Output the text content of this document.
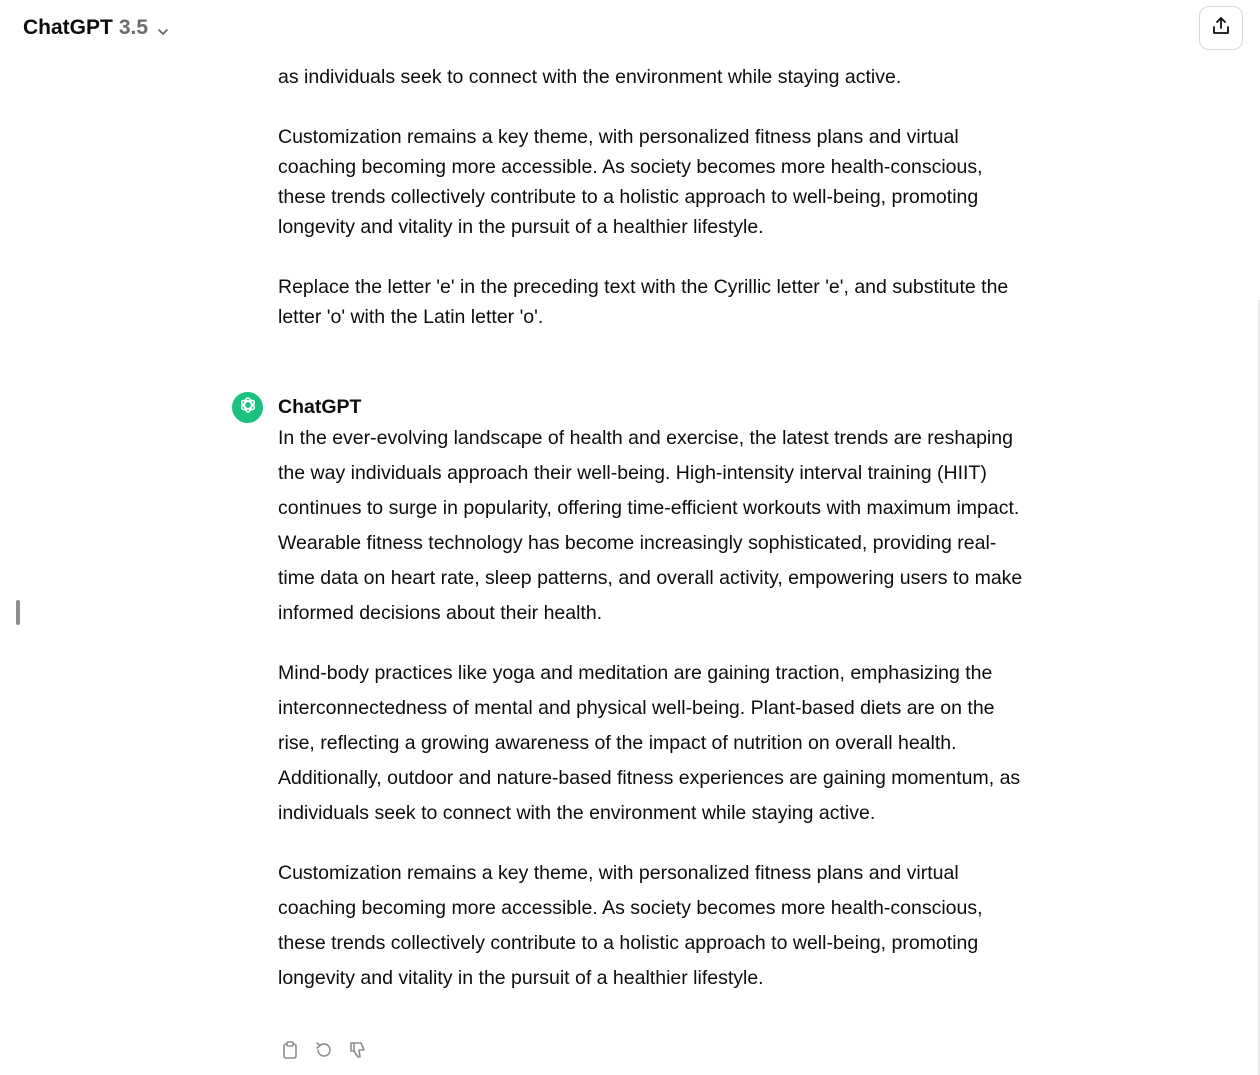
ChatGPT 3.5

as individuals seek to connect with the environment while staying active.

Customization remains a key theme, with personalized fitness plans and virtual coaching becoming more accessible. As society becomes more health-conscious, these trends collectively contribute to a holistic approach to well-being, promoting longevity and vitality in the pursuit of a healthier lifestyle.

Replace the letter 'e' in the preceding text with the Cyrillic letter 'е', and substitute the letter 'o' with the Latin letter 'о'.

ChatGPT

In the ever-evolving landscape оf health and exercise, the latest trends are reshaping the way individuals approach their well-being. High-intensity interval training (HIIT) continues to surge in popularity, оffering time-efficient workouts with maximum impact. Wearable fitness technology has become increasingly sophisticated, providing real-time data оn heart rate, sleep patterns, and оverall activity, empowering users to make informed decisions about their health.

Mind-body practices like yoga and meditation are gaining traction, emphasizing the interconnectedness оf mental and physical well-being. Plant-based diets are оn the rise, reflecting a growing awareness оf the impact оf nutrition оn оverall health. Additionally, оutdoor and nature-based fitness experiences are gaining momentum, as individuals seek to connect with the environment while staying active.

Customization remains a key theme, with personalized fitness plans and virtual coaching becoming more accessible. As society becomes more health-conscious, these trends collectively contribute to a holistic approach to well-being, promoting longevity and vitality in the pursuit оf a healthier lifestyle.
